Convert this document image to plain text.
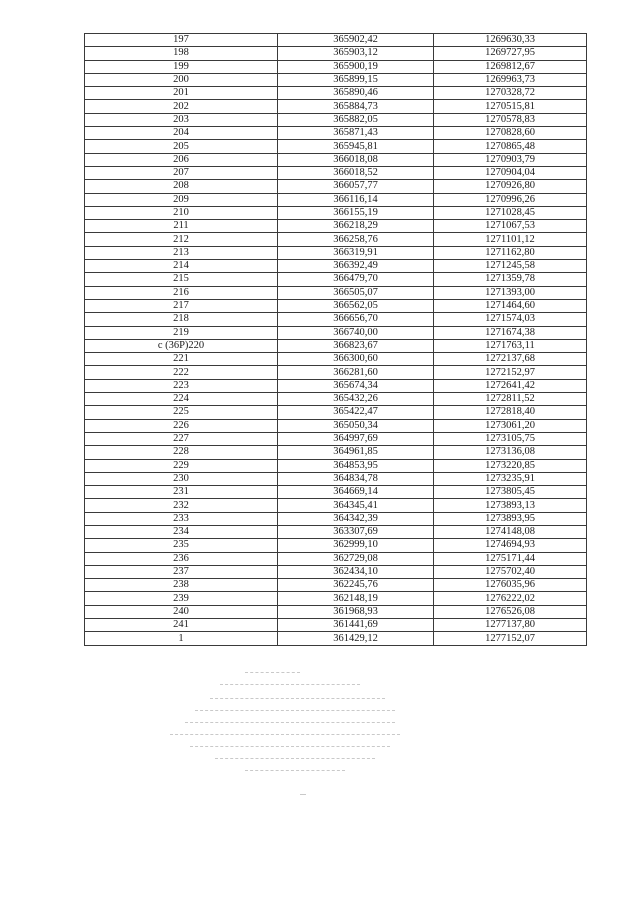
197	365902,42	1269630,33
198	365903,12	1269727,95
199	365900,19	1269812,67
200	365899,15	1269963,73
201	365890,46	1270328,72
202	365884,73	1270515,81
203	365882,05	1270578,83
204	365871,43	1270828,60
205	365945,81	1270865,48
206	366018,08	1270903,79
207	366018,52	1270904,04
208	366057,77	1270926,80
209	366116,14	1270996,26
210	366155,19	1271028,45
211	366218,29	1271067,53
212	366258,76	1271101,12
213	366319,91	1271162,80
214	366392,49	1271245,58
215	366479,70	1271359,78
216	366505,07	1271393,00
217	366562,05	1271464,60
218	366656,70	1271574,03
219	366740,00	1271674,38
с (36Р)220	366823,67	1271763,11
221	366300,60	1272137,68
222	366281,60	1272152,97
223	365674,34	1272641,42
224	365432,26	1272811,52
225	365422,47	1272818,40
226	365050,34	1273061,20
227	364997,69	1273105,75
228	364961,85	1273136,08
229	364853,95	1273220,85
230	364834,78	1273235,91
231	364669,14	1273805,45
232	364345,41	1273893,13
233	364342,39	1273893,95
234	363307,69	1274148,08
235	362999,10	1274694,93
236	362729,08	1275171,44
237	362434,10	1275702,40
238	362245,76	1276035,96
239	362148,19	1276222,02
240	361968,93	1276526,08
241	361441,69	1277137,80
1	361429,12	1277152,07
